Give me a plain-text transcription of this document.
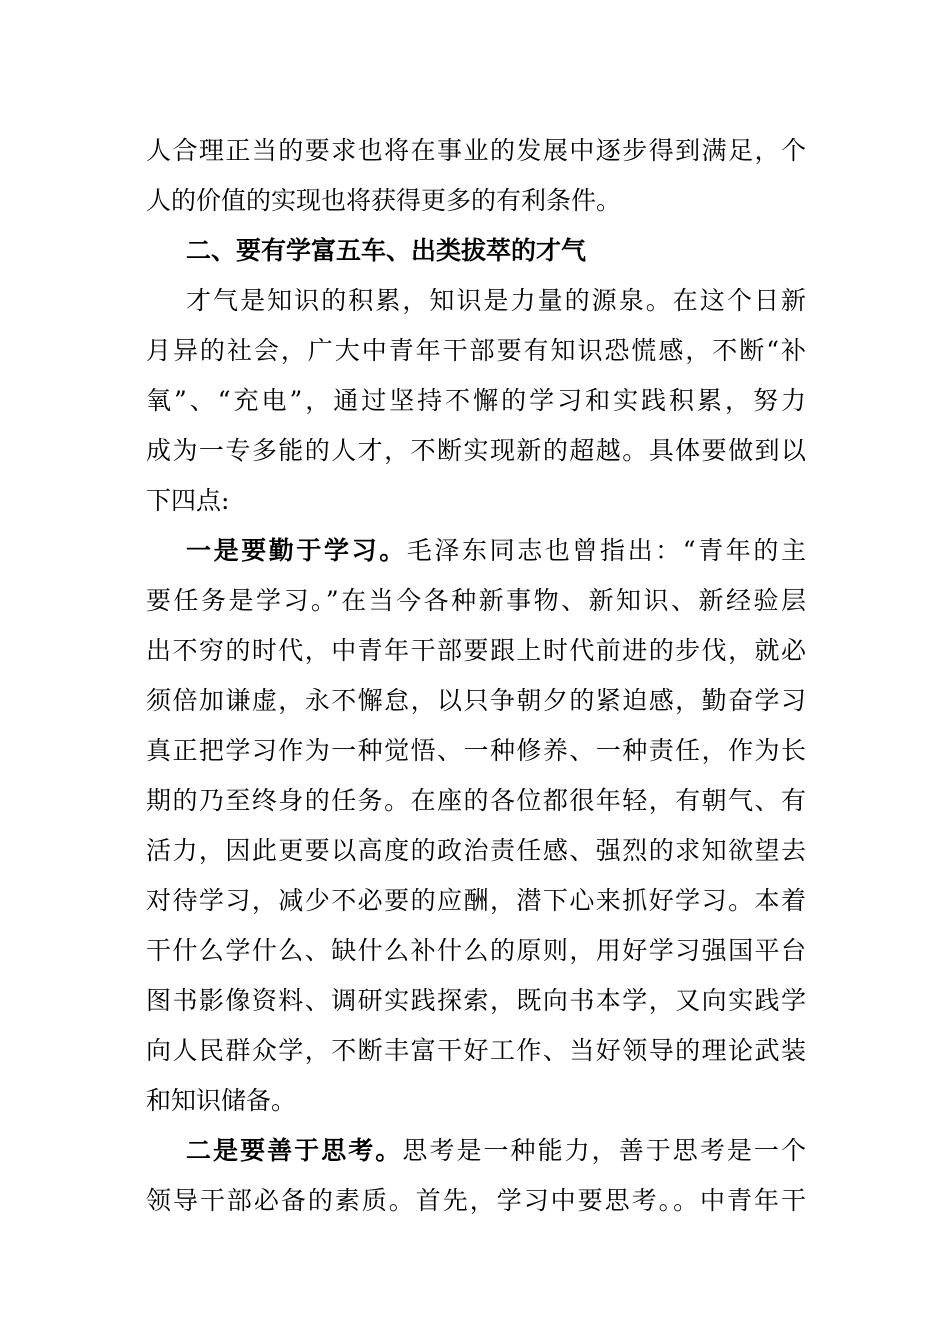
人合理正当的要求也将在事业的发展中逐步得到满足，个
人的价值的实现也将获得更多的有利条件。
二、要有学富五车、出类拔萃的才气
才气是知识的积累，知识是力量的源泉。在这个日新
月异的社会，广大中青年干部要有知识恐慌感，不断“补
氧”、“充电”，通过坚持不懈的学习和实践积累，努力
成为一专多能的人才，不断实现新的超越。具体要做到以
下四点:
一是要勤于学习。毛泽东同志也曾指出：“青年的主
要任务是学习。”在当今各种新事物、新知识、新经验层
出不穷的时代，中青年干部要跟上时代前进的步伐，就必
须倍加谦虚，永不懈怠，以只争朝夕的紧迫感，勤奋学习
真正把学习作为一种觉悟、一种修养、一种责任，作为长
期的乃至终身的任务。在座的各位都很年轻，有朝气、有
活力，因此更要以高度的政治责任感、强烈的求知欲望去
对待学习，减少不必要的应酬，潜下心来抓好学习。本着
干什么学什么、缺什么补什么的原则，用好学习强国平台
图书影像资料、调研实践探索，既向书本学，又向实践学
向人民群众学，不断丰富干好工作、当好领导的理论武装
和知识储备。
二是要善于思考。思考是一种能力，善于思考是一个
领导干部必备的素质。首先，学习中要思考。。中青年干
